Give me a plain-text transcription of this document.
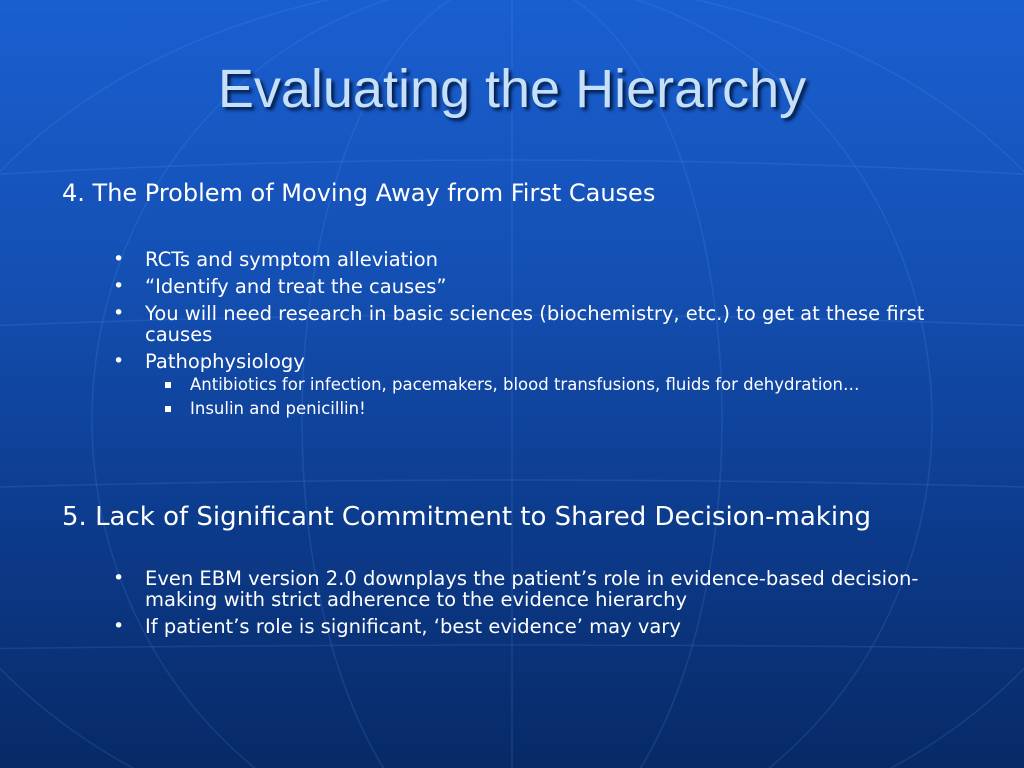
Evaluating the Hierarchy
4. The Problem of Moving Away from First Causes
• RCTs and symptom alleviation
• “Identify and treat the causes”
• You will need research in basic sciences (biochemistry, etc.) to get at these first causes
• Pathophysiology
Antibiotics for infection, pacemakers, blood transfusions, fluids for dehydration…
Insulin and penicillin!
5. Lack of Significant Commitment to Shared Decision-making
• Even EBM version 2.0 downplays the patient’s role in evidence-based decision-making with strict adherence to the evidence hierarchy
• If patient’s role is significant, ‘best evidence’ may vary
